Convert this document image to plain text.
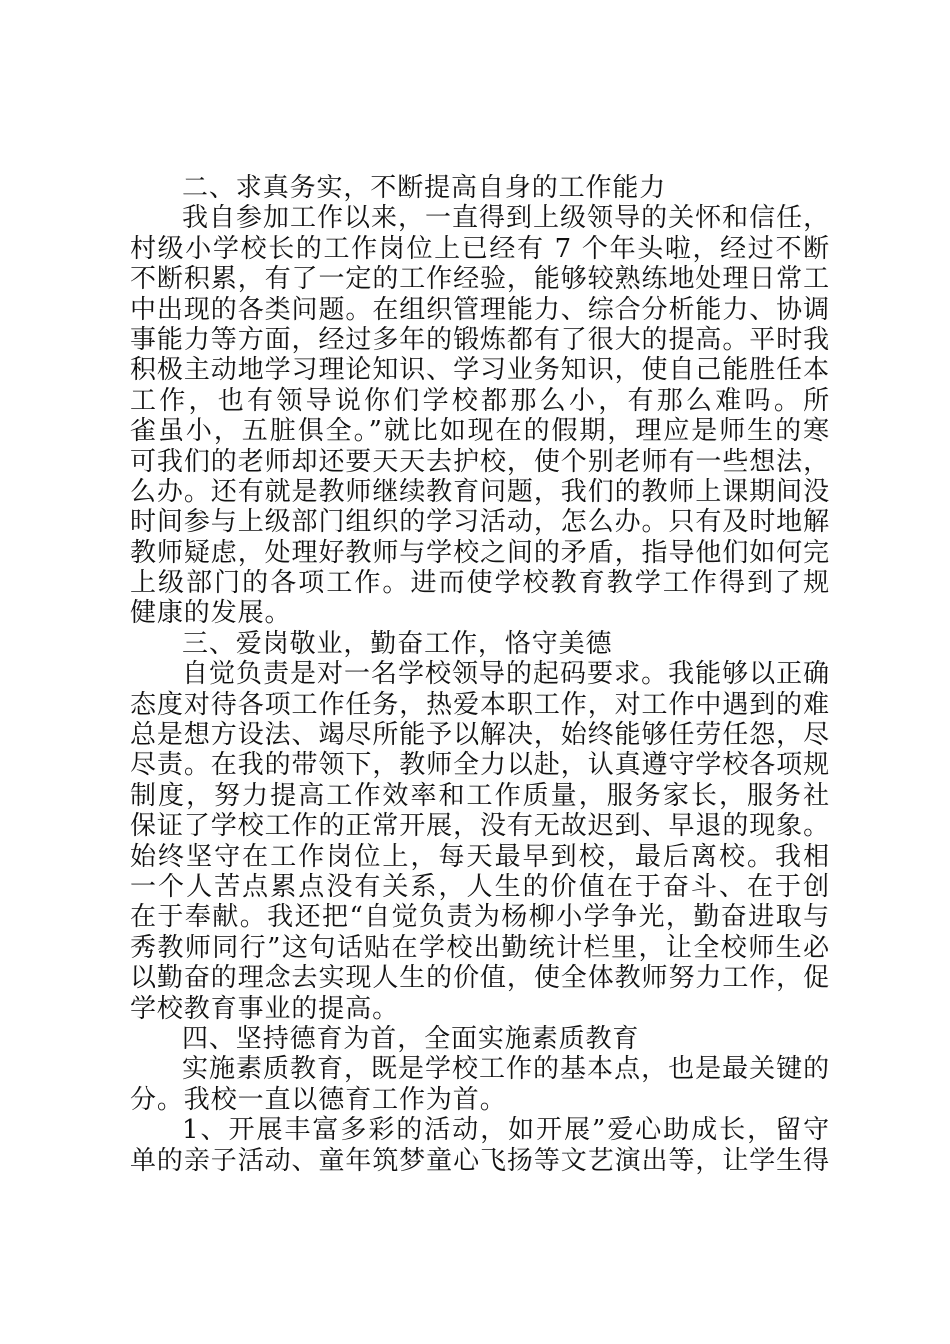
二、求真务实，不断提高自身的工作能力
我自参加工作以来，一直得到上级领导的关怀和信任，
村级小学校长的工作岗位上已经有 7 个年头啦，经过不断
不断积累，有了一定的工作经验，能够较熟练地处理日常工
中出现的各类问题。在组织管理能力、综合分析能力、协调
事能力等方面，经过多年的锻炼都有了很大的提高。平时我
积极主动地学习理论知识、学习业务知识，使自己能胜任本
工作，也有领导说你们学校都那么小，有那么难吗。所
雀虽小，五脏俱全。”就比如现在的假期，理应是师生的寒
可我们的老师却还要天天去护校，使个别老师有一些想法，
么办。还有就是教师继续教育问题，我们的教师上课期间没
时间参与上级部门组织的学习活动，怎么办。只有及时地解
教师疑虑，处理好教师与学校之间的矛盾，指导他们如何完
上级部门的各项工作。进而使学校教育教学工作得到了规
健康的发展。
三、爱岗敬业，勤奋工作，恪守美德
自觉负责是对一名学校领导的起码要求。我能够以正确
态度对待各项工作任务，热爱本职工作，对工作中遇到的难
总是想方设法、竭尽所能予以解决，始终能够任劳任怨，尽
尽责。在我的带领下，教师全力以赴，认真遵守学校各项规
制度，努力提高工作效率和工作质量，服务家长，服务社
保证了学校工作的正常开展，没有无故迟到、早退的现象。
始终坚守在工作岗位上，每天最早到校，最后离校。我相
一个人苦点累点没有关系，人生的价值在于奋斗、在于创
在于奉献。我还把“自觉负责为杨柳小学争光，勤奋进取与
秀教师同行”这句话贴在学校出勤统计栏里，让全校师生必
以勤奋的理念去实现人生的价值，使全体教师努力工作，促
学校教育事业的提高。
四、坚持德育为首，全面实施素质教育
实施素质教育，既是学校工作的基本点，也是最关键的
分。我校一直以德育工作为首。
1、开展丰富多彩的活动，如开展”爱心助成长，留守
单的亲子活动、童年筑梦童心飞扬等文艺演出等，让学生得
